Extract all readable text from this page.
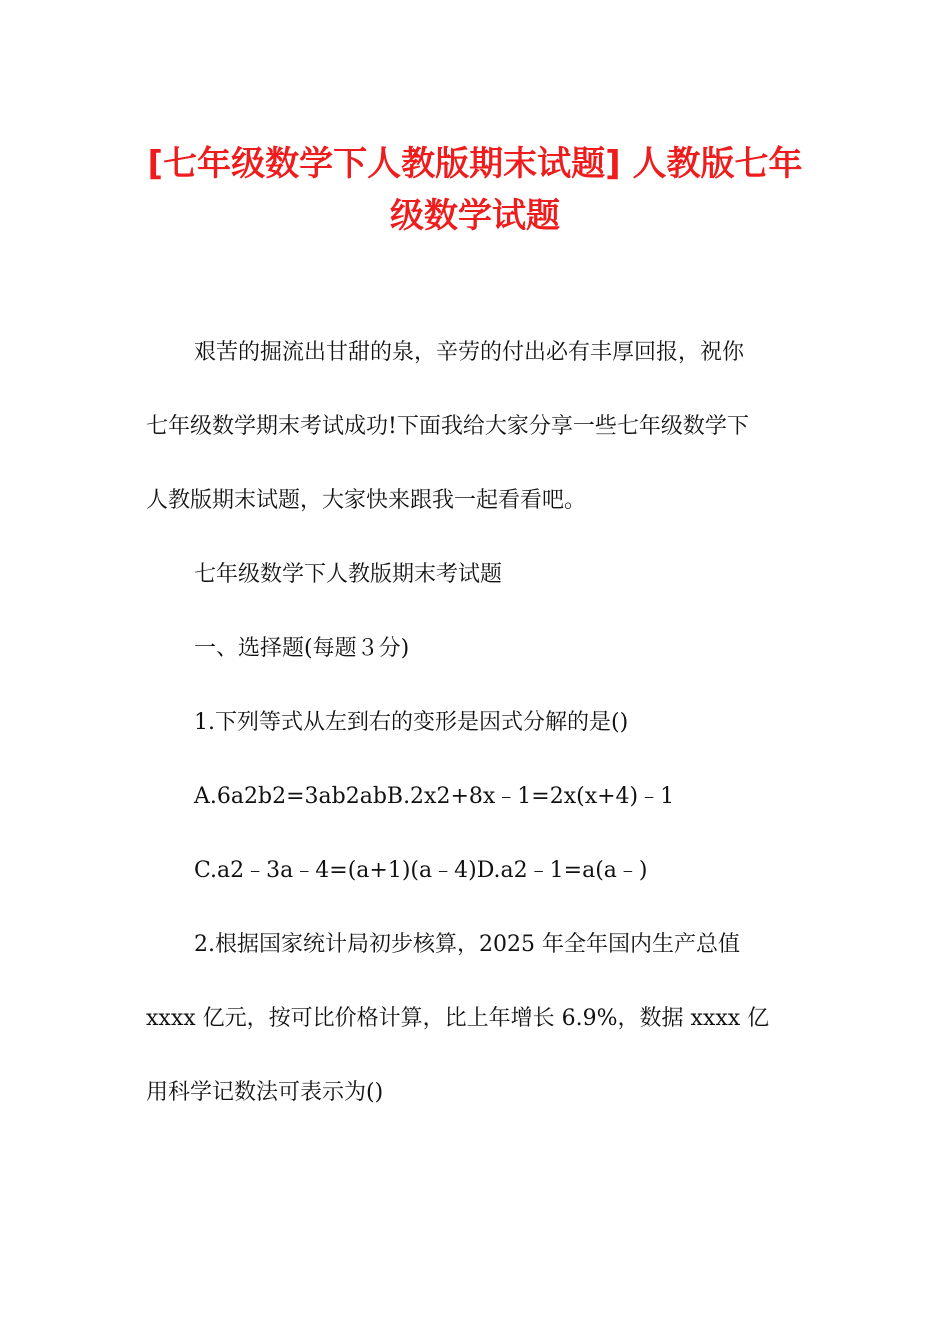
[七年级数学下人教版期末试题] 人教版七年
级数学试题

艰苦的掘流出甘甜的泉，辛劳的付出必有丰厚回报，祝你

七年级数学期末考试成功!下面我给大家分享一些七年级数学下

人教版期末试题，大家快来跟我一起看看吧。

七年级数学下人教版期末考试题

一、选择题(每题３分)

1.下列等式从左到右的变形是因式分解的是()

A.6a2b2=3ab2abB.2x2+8x﹣1=2x(x+4)﹣1

C.a2﹣3a﹣4=(a+1)(a﹣4)D.a2﹣1=a(a﹣)

2.根据国家统计局初步核算，2025 年全年国内生产总值

xxxx 亿元，按可比价格计算，比上年增长 6.9%，数据 xxxx 亿

用科学记数法可表示为()
